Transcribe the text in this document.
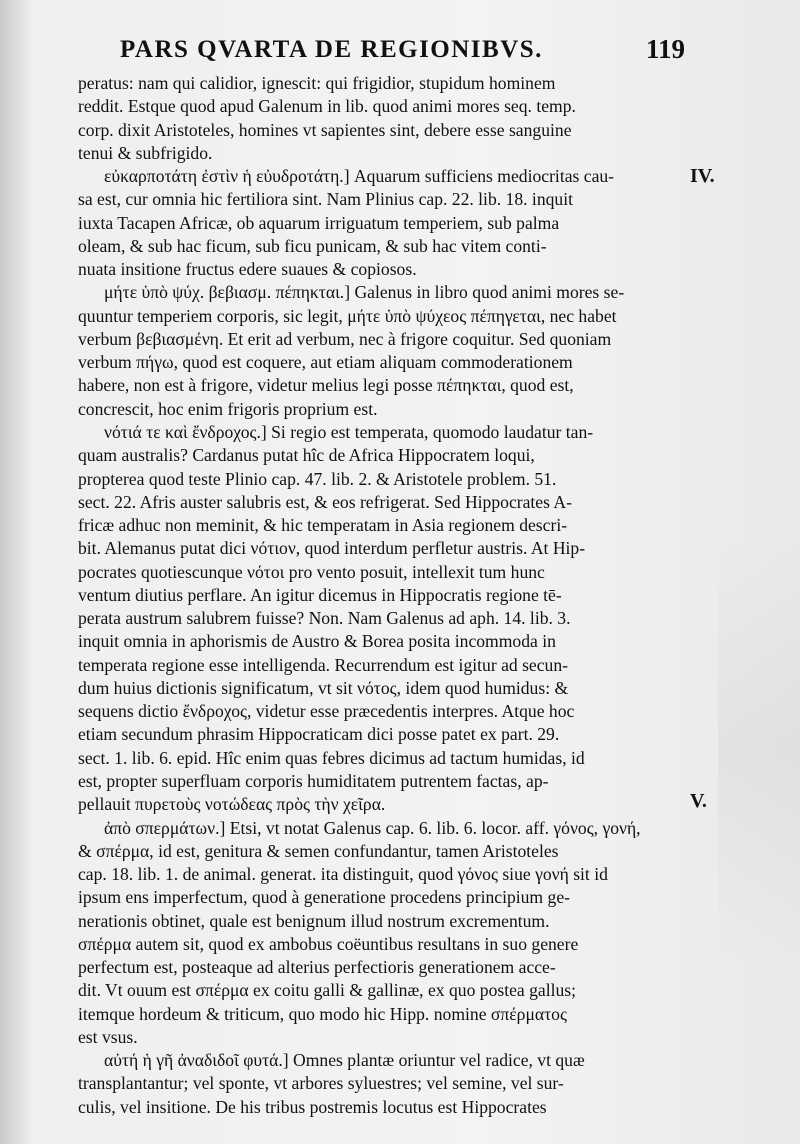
PARS QVARTA DE REGIONIBVS.	119
IV.
V.
peratus: nam qui calidior, ignescit: qui frigidior, stupidum hominem
reddit. Estque quod apud Galenum in lib. quod animi mores seq. temp.
corp. dixit Aristoteles, homines vt sapientes sint, debere esse sanguine
tenui & subfrigido.
εὐκαρποτάτη ἐστὶν ἡ εὐυδροτάτη.] Aquarum sufficiens mediocritas cau-
sa est, cur omnia hic fertiliora sint. Nam Plinius cap. 22. lib. 18. inquit
iuxta Tacapen Africæ, ob aquarum irriguatum temperiem, sub palma
oleam, & sub hac ficum, sub ficu punicam, & sub hac vitem conti-
nuata insitione fructus edere suaues & copiosos.
μήτε ὑπὸ ψύχ. βεβιασμ. πέπηκται.] Galenus in libro quod animi mores se-
quuntur temperiem corporis, sic legit, μήτε ὑπὸ ψύχεος πέπηγεται, nec habet
verbum βεβιασμένη. Et erit ad verbum, nec à frigore coquitur. Sed quoniam
verbum πήγω, quod est coquere, aut etiam aliquam commoderationem
habere, non est à frigore, videtur melius legi posse πέπηκται, quod est,
concrescit, hoc enim frigoris proprium est.
νότιά τε καὶ ἔνδροχος.] Si regio est temperata, quomodo laudatur tan-
quam australis? Cardanus putat hîc de Africa Hippocratem loqui,
propterea quod teste Plinio cap. 47. lib. 2. & Aristotele problem. 51.
sect. 22. Afris auster salubris est, & eos refrigerat. Sed Hippocrates A-
fricæ adhuc non meminit, & hic temperatam in Asia regionem descri-
bit. Alemanus putat dici νότιον, quod interdum perfletur austris. At Hip-
pocrates quotiescunque νότοι pro vento posuit, intellexit tum hunc
ventum diutius perflare. An igitur dicemus in Hippocratis regione tē-
perata austrum salubrem fuisse? Non. Nam Galenus ad aph. 14. lib. 3.
inquit omnia in aphorismis de Austro & Borea posita incommoda in
temperata regione esse intelligenda. Recurrendum est igitur ad secun-
dum huius dictionis significatum, vt sit νότος, idem quod humidus: &
sequens dictio ἔνδροχος, videtur esse præcedentis interpres. Atque hoc
etiam secundum phrasim Hippocraticam dici posse patet ex part. 29.
sect. 1. lib. 6. epid. Hîc enim quas febres dicimus ad tactum humidas, id
est, propter superfluam corporis humiditatem putrentem factas, ap-
pellauit πυρετοὺς νοτώδεας πρὸς τὴν χεῖρα.
ἀπὸ σπερμάτων.] Etsi, vt notat Galenus cap. 6. lib. 6. locor. aff. γόνος, γονή,
& σπέρμα, id est, genitura & semen confundantur, tamen Aristoteles
cap. 18. lib. 1. de animal. generat. ita distinguit, quod γόνος siue γονή sit id
ipsum ens imperfectum, quod à generatione procedens principium ge-
nerationis obtinet, quale est benignum illud nostrum excrementum.
σπέρμα autem sit, quod ex ambobus coëuntibus resultans in suo genere
perfectum est, posteaque ad alterius perfectioris generationem acce-
dit. Vt ouum est σπέρμα ex coitu galli & gallinæ, ex quo postea gallus;
itemque hordeum & triticum, quo modo hic Hipp. nomine σπέρματος
est vsus.
αὐτή ἡ γῆ ἀναδιδοῖ φυτά.] Omnes plantæ oriuntur vel radice, vt quæ
transplantantur; vel sponte, vt arbores syluestres; vel semine, vel sur-
culis, vel insitione. De his tribus postremis locutus est Hippocrates
